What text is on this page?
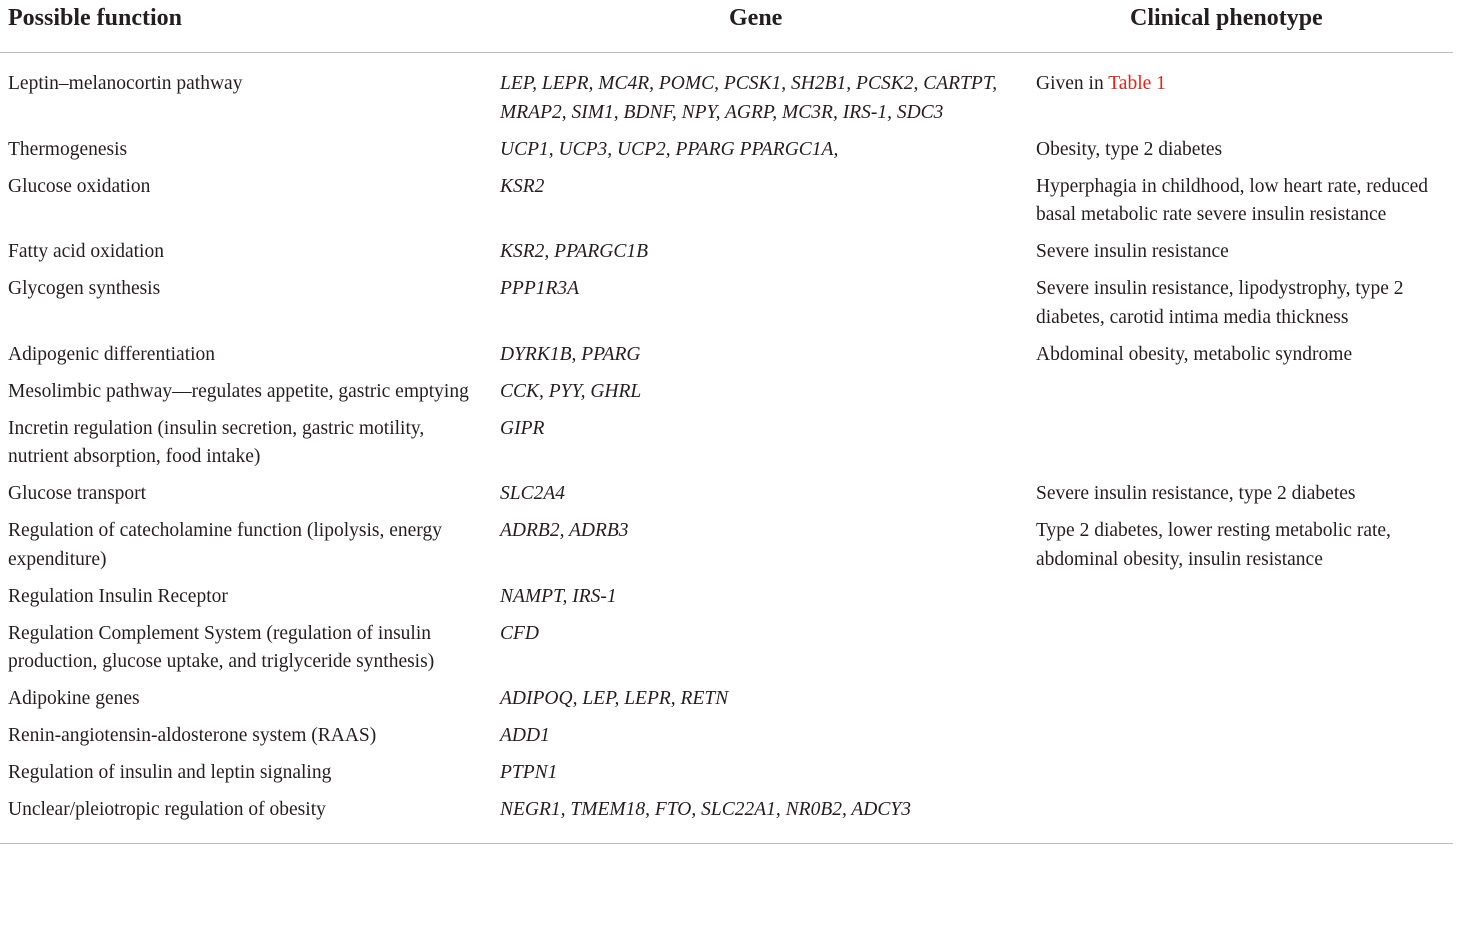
Possible function	Gene	Clinical phenotype
Leptin–melanocortin pathway	LEP, LEPR, MC4R, POMC, PCSK1, SH2B1, PCSK2, CARTPT, MRAP2, SIM1, BDNF, NPY, AGRP, MC3R, IRS-1, SDC3	Given in Table 1
Thermogenesis	UCP1, UCP3, UCP2, PPARG PPARGC1A,	Obesity, type 2 diabetes
Glucose oxidation	KSR2	Hyperphagia in childhood, low heart rate, reduced basal metabolic rate severe insulin resistance
Fatty acid oxidation	KSR2, PPARGC1B	Severe insulin resistance
Glycogen synthesis	PPP1R3A	Severe insulin resistance, lipodystrophy, type 2 diabetes, carotid intima media thickness
Adipogenic differentiation	DYRK1B, PPARG	Abdominal obesity, metabolic syndrome
Mesolimbic pathway—regulates appetite, gastric emptying	CCK, PYY, GHRL	
Incretin regulation (insulin secretion, gastric motility, nutrient absorption, food intake)	GIPR	
Glucose transport	SLC2A4	Severe insulin resistance, type 2 diabetes
Regulation of catecholamine function (lipolysis, energy expenditure)	ADRB2, ADRB3	Type 2 diabetes, lower resting metabolic rate, abdominal obesity, insulin resistance
Regulation Insulin Receptor	NAMPT, IRS-1	
Regulation Complement System (regulation of insulin production, glucose uptake, and triglyceride synthesis)	CFD	
Adipokine genes	ADIPOQ, LEP, LEPR, RETN	
Renin-angiotensin-aldosterone system (RAAS)	ADD1	
Regulation of insulin and leptin signaling	PTPN1	
Unclear/pleiotropic regulation of obesity	NEGR1, TMEM18, FTO, SLC22A1, NR0B2, ADCY3	
